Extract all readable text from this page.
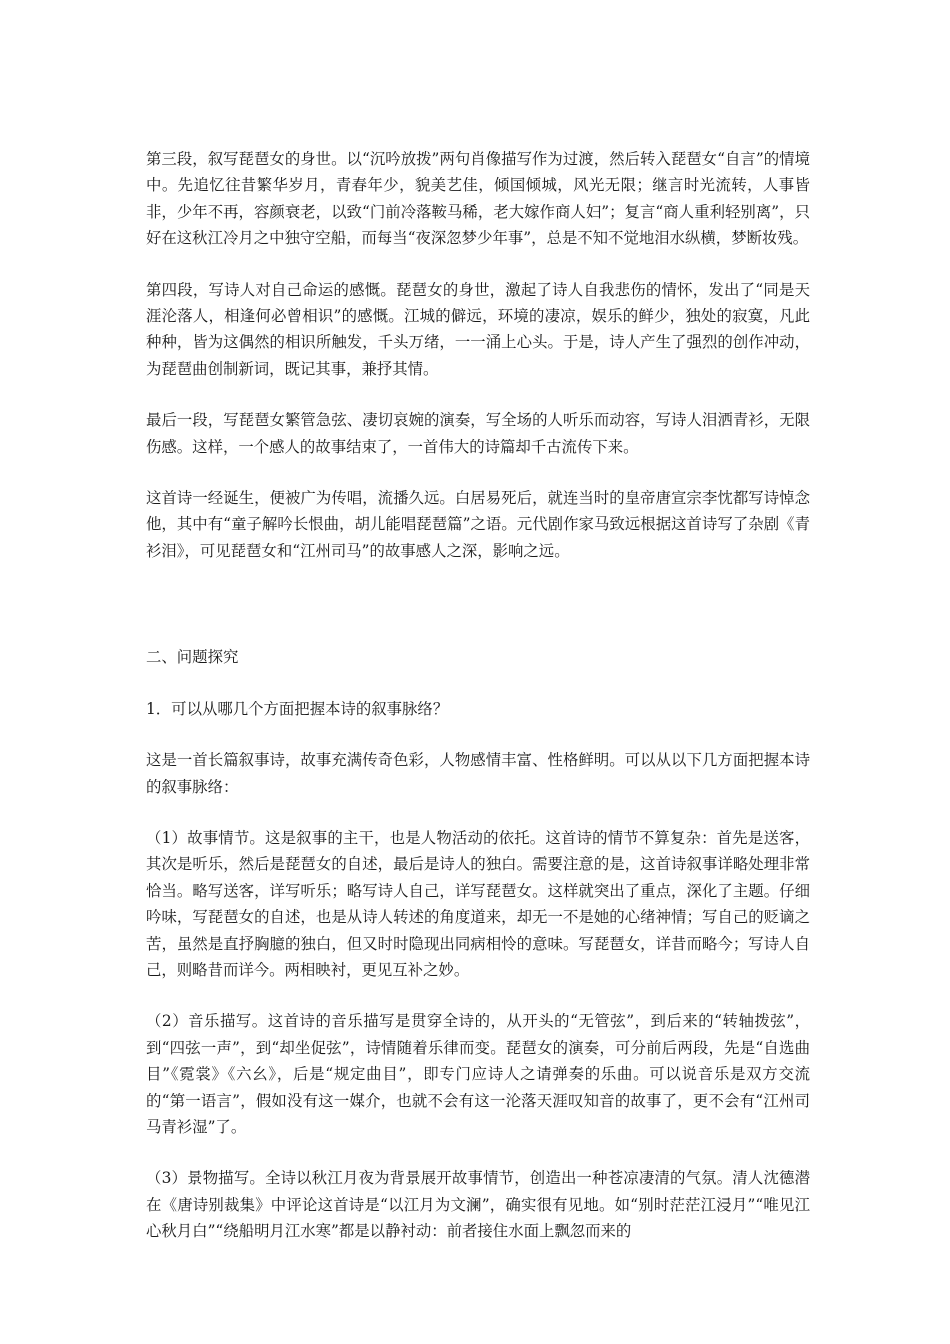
第三段，叙写琵琶女的身世。以“沉吟放拨”两句肖像描写作为过渡，然后转入琵琶女“自言”的情境中。先追忆往昔繁华岁月，青春年少，貌美艺佳，倾国倾城，风光无限；继言时光流转，人事皆非，少年不再，容颜衰老，以致“门前冷落鞍马稀，老大嫁作商人妇”；复言“商人重利轻别离”，只好在这秋江冷月之中独守空船，而每当“夜深忽梦少年事”，总是不知不觉地泪水纵横，梦断妆残。

第四段，写诗人对自己命运的感慨。琵琶女的身世，激起了诗人自我悲伤的情怀，发出了“同是天涯沦落人，相逢何必曾相识”的感慨。江城的僻远，环境的凄凉，娱乐的鲜少，独处的寂寞，凡此种种，皆为这偶然的相识所触发，千头万绪，一一涌上心头。于是，诗人产生了强烈的创作冲动，为琵琶曲创制新词，既记其事，兼抒其情。

最后一段，写琵琶女繁管急弦、凄切哀婉的演奏，写全场的人听乐而动容，写诗人泪洒青衫，无限伤感。这样，一个感人的故事结束了，一首伟大的诗篇却千古流传下来。

这首诗一经诞生，便被广为传唱，流播久远。白居易死后，就连当时的皇帝唐宣宗李忱都写诗悼念他，其中有“童子解吟长恨曲，胡儿能唱琵琶篇”之语。元代剧作家马致远根据这首诗写了杂剧《青衫泪》，可见琵琶女和“江州司马”的故事感人之深，影响之远。

二、问题探究

1．可以从哪几个方面把握本诗的叙事脉络？

这是一首长篇叙事诗，故事充满传奇色彩，人物感情丰富、性格鲜明。可以从以下几方面把握本诗的叙事脉络：

（1）故事情节。这是叙事的主干，也是人物活动的依托。这首诗的情节不算复杂：首先是送客，其次是听乐，然后是琵琶女的自述，最后是诗人的独白。需要注意的是，这首诗叙事详略处理非常恰当。略写送客，详写听乐；略写诗人自己，详写琵琶女。这样就突出了重点，深化了主题。仔细吟味，写琵琶女的自述，也是从诗人转述的角度道来，却无一不是她的心绪神情；写自己的贬谪之苦，虽然是直抒胸臆的独白，但又时时隐现出同病相怜的意味。写琵琶女，详昔而略今；写诗人自己，则略昔而详今。两相映衬，更见互补之妙。

（2）音乐描写。这首诗的音乐描写是贯穿全诗的，从开头的“无管弦”，到后来的“转轴拨弦”，到“四弦一声”，到“却坐促弦”，诗情随着乐律而变。琵琶女的演奏，可分前后两段，先是“自选曲目”《霓裳》《六幺》，后是“规定曲目”，即专门应诗人之请弹奏的乐曲。可以说音乐是双方交流的“第一语言”，假如没有这一媒介，也就不会有这一沦落天涯叹知音的故事了，更不会有“江州司马青衫湿”了。

（3）景物描写。全诗以秋江月夜为背景展开故事情节，创造出一种苍凉凄清的气氛。清人沈德潜在《唐诗别裁集》中评论这首诗是“以江月为文澜”，确实很有见地。如“别时茫茫江浸月”“唯见江心秋月白”“绕船明月江水寒”都是以静衬动：前者接住水面上飘忽而来的
